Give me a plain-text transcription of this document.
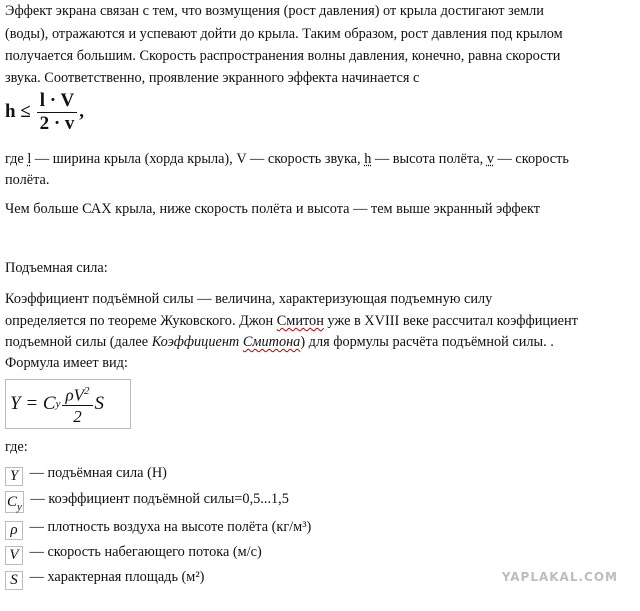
Эффект экрана связан с тем, что возмущения (рост давления) от крыла достигают земли
(воды), отражаются и успевают дойти до крыла. Таким образом, рост давления под крылом
получается большим. Скорость распространения волны давления, конечно, равна скорости
звука. Соответственно, проявление экранного эффекта начинается с
$h \le \frac{l \cdot V}{2 \cdot v}$ ,
где l — ширина крыла (хорда крыла), V — скорость звука, h — высота полёта, v — скорость
полёта.
Чем больше САХ крыла, ниже скорость полёта и высота — тем выше экранный эффект
Подъемная сила:
Коэффициент подъёмной силы — величина, характеризующая подъемную силу
определяется по теореме Жуковского. Джон Смитон уже в XVIII веке рассчитал коэффициент
подъемной силы (далее Коэффициент Смитона) для формулы расчёта подъёмной силы. .
Формула имеет вид:
Y = C y $\frac{\rho V^2}{2}$ S
где:
Y — подъёмная сила (Н)
$C_y$ — коэффициент подъёмной силы=0,5...1,5
ρ — плотность воздуха на высоте полёта (кг/м³)
V — скорость набегающего потока (м/с)
S — характерная площадь (м²)	YAPLAKAL.COM
